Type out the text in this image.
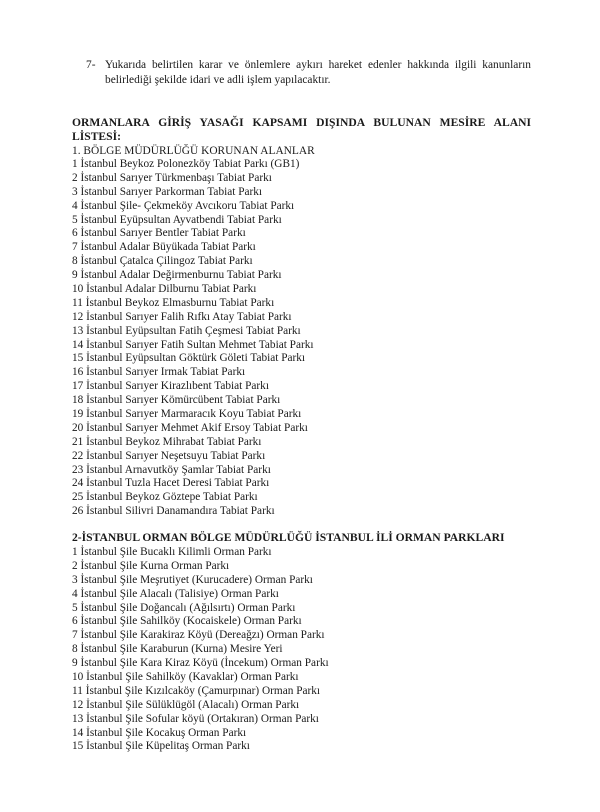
7- Yukarıda belirtilen karar ve önlemlere aykırı hareket edenler hakkında ilgili kanunların belirlediği şekilde idari ve adli işlem yapılacaktır.
ORMANLARA GİRİŞ YASAĞI KAPSAMI DIŞINDA BULUNAN MESİRE ALANI LİSTESİ:
1. BÖLGE MÜDÜRLÜĞÜ KORUNAN ALANLAR
1 İstanbul Beykoz Polonezköy Tabiat Parkı (GB1)
2 İstanbul Sarıyer Türkmenbaşı Tabiat Parkı
3 İstanbul Sarıyer Parkorman Tabiat Parkı
4 İstanbul Şile- Çekmeköy Avcıkoru Tabiat Parkı
5 İstanbul Eyüpsultan Ayvatbendi Tabiat Parkı
6 İstanbul Sarıyer Bentler Tabiat Parkı
7 İstanbul Adalar Büyükada Tabiat Parkı
8 İstanbul Çatalca Çilingoz Tabiat Parkı
9 İstanbul Adalar Değirmenburnu Tabiat Parkı
10 İstanbul Adalar Dilburnu Tabiat Parkı
11 İstanbul Beykoz Elmasburnu Tabiat Parkı
12 İstanbul Sarıyer Falih Rıfkı Atay Tabiat Parkı
13 İstanbul Eyüpsultan Fatih Çeşmesi Tabiat Parkı
14 İstanbul Sarıyer Fatih Sultan Mehmet Tabiat Parkı
15 İstanbul Eyüpsultan Göktürk Göleti Tabiat Parkı
16 İstanbul Sarıyer Irmak Tabiat Parkı
17 İstanbul Sarıyer Kirazlıbent Tabiat Parkı
18 İstanbul Sarıyer Kömürcübent Tabiat Parkı
19 İstanbul Sarıyer Marmaracık Koyu Tabiat Parkı
20 İstanbul Sarıyer Mehmet Akif Ersoy Tabiat Parkı
21 İstanbul Beykoz Mihrabat Tabiat Parkı
22 İstanbul Sarıyer Neşetsuyu Tabiat Parkı
23 İstanbul Arnavutköy Şamlar Tabiat Parkı
24 İstanbul Tuzla Hacet Deresi Tabiat Parkı
25 İstanbul Beykoz Göztepe Tabiat Parkı
26 İstanbul Silivri Danamandıra Tabiat Parkı
2-İSTANBUL ORMAN BÖLGE MÜDÜRLÜĞÜ İSTANBUL İLİ ORMAN PARKLARI
1 İstanbul Şile Bucaklı Kilimli Orman Parkı
2 İstanbul Şile Kurna Orman Parkı
3 İstanbul Şile Meşrutiyet (Kurucadere) Orman Parkı
4 İstanbul Şile Alacalı (Talisiye) Orman Parkı
5 İstanbul Şile Doğancalı (Ağılsırtı) Orman Parkı
6 İstanbul Şile Sahilköy (Kocaiskele) Orman Parkı
7 İstanbul Şile Karakiraz Köyü (Dereağzı) Orman Parkı
8 İstanbul Şile Karaburun (Kurna) Mesire Yeri
9 İstanbul Şile Kara Kiraz Köyü (İncekum) Orman Parkı
10 İstanbul Şile Sahilköy (Kavaklar) Orman Parkı
11 İstanbul Şile Kızılcaköy (Çamurpınar) Orman Parkı
12 İstanbul Şile Sülüklügöl (Alacalı) Orman Parkı
13 İstanbul Şile Sofular köyü (Ortakıran) Orman Parkı
14 İstanbul Şile Kocakuş Orman Parkı
15 İstanbul Şile Küpelitaş Orman Parkı
